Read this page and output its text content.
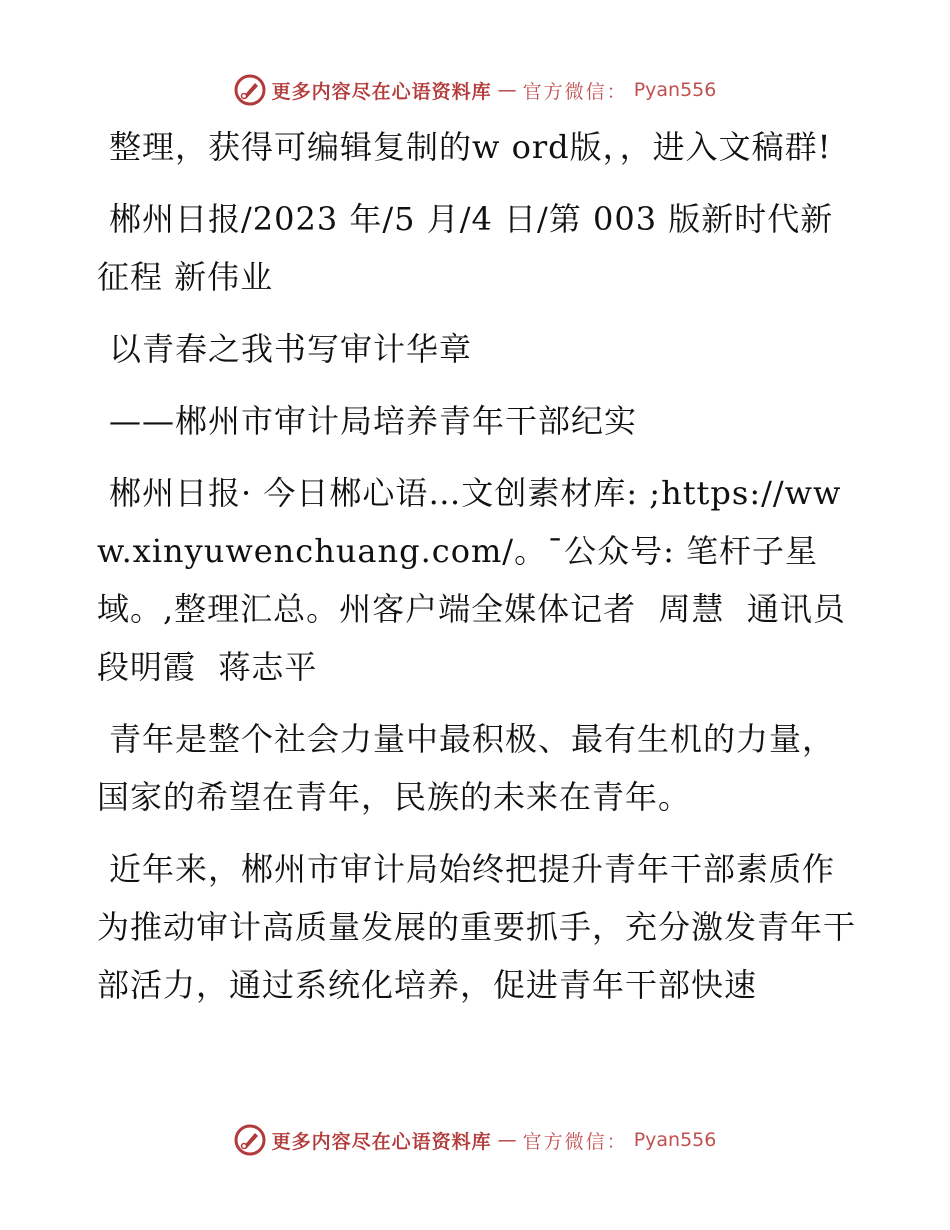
更多内容尽在心语资料库 — 官方微信： Pyan556

整理，获得可编辑复制的w ord版，，进入文稿群!

郴州日报/2023 年/5 月/4 日/第 003 版新时代新征程 新伟业

以青春之我书写审计华章

——郴州市审计局培养青年干部纪实

郴州日报· 今日郴心语…文创素材库: ;https://www.xinyuwenchuang.com/。¯公众号: 笔杆子星域。,整理汇总。州客户端全媒体记者  周慧  通讯员  段明霞  蒋志平

青年是整个社会力量中最积极、最有生机的力量，国家的希望在青年，民族的未来在青年。

近年来，郴州市审计局始终把提升青年干部素质作为推动审计高质量发展的重要抓手，充分激发青年干部活力，通过系统化培养，促进青年干部快速

更多内容尽在心语资料库 — 官方微信： Pyan556
